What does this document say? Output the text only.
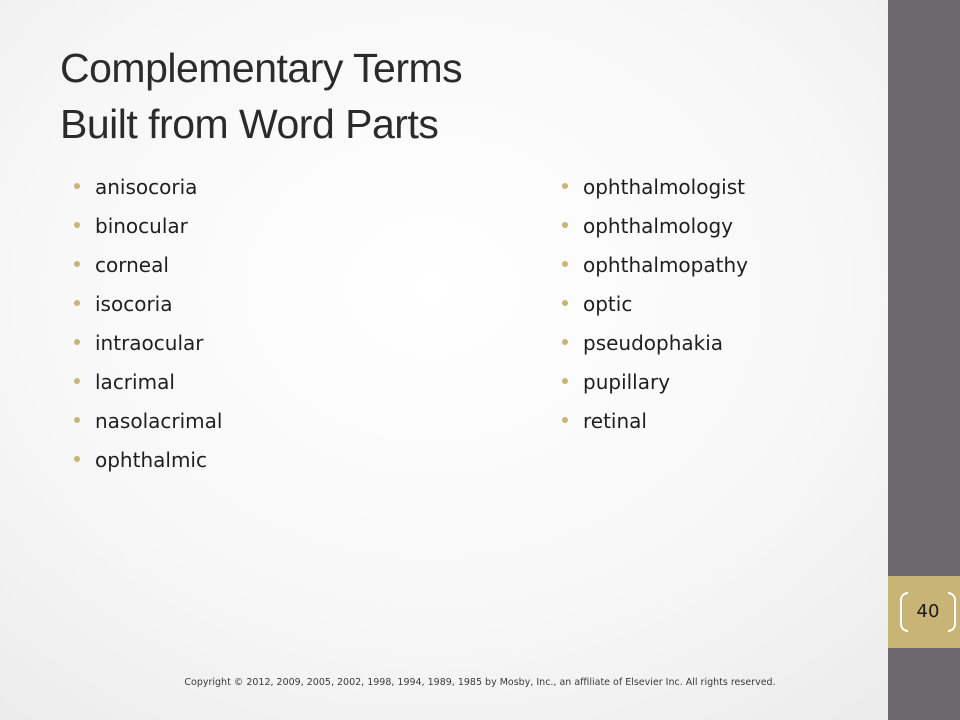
40
Complementary Terms
Built from Word Parts
anisocoria
binocular
corneal
isocoria
intraocular
lacrimal
nasolacrimal
ophthalmic
ophthalmologist
ophthalmology
ophthalmopathy
optic
pseudophakia
pupillary
retinal
Copyright © 2012, 2009, 2005, 2002, 1998, 1994, 1989, 1985 by Mosby, Inc., an affiliate of Elsevier Inc. All rights reserved.
